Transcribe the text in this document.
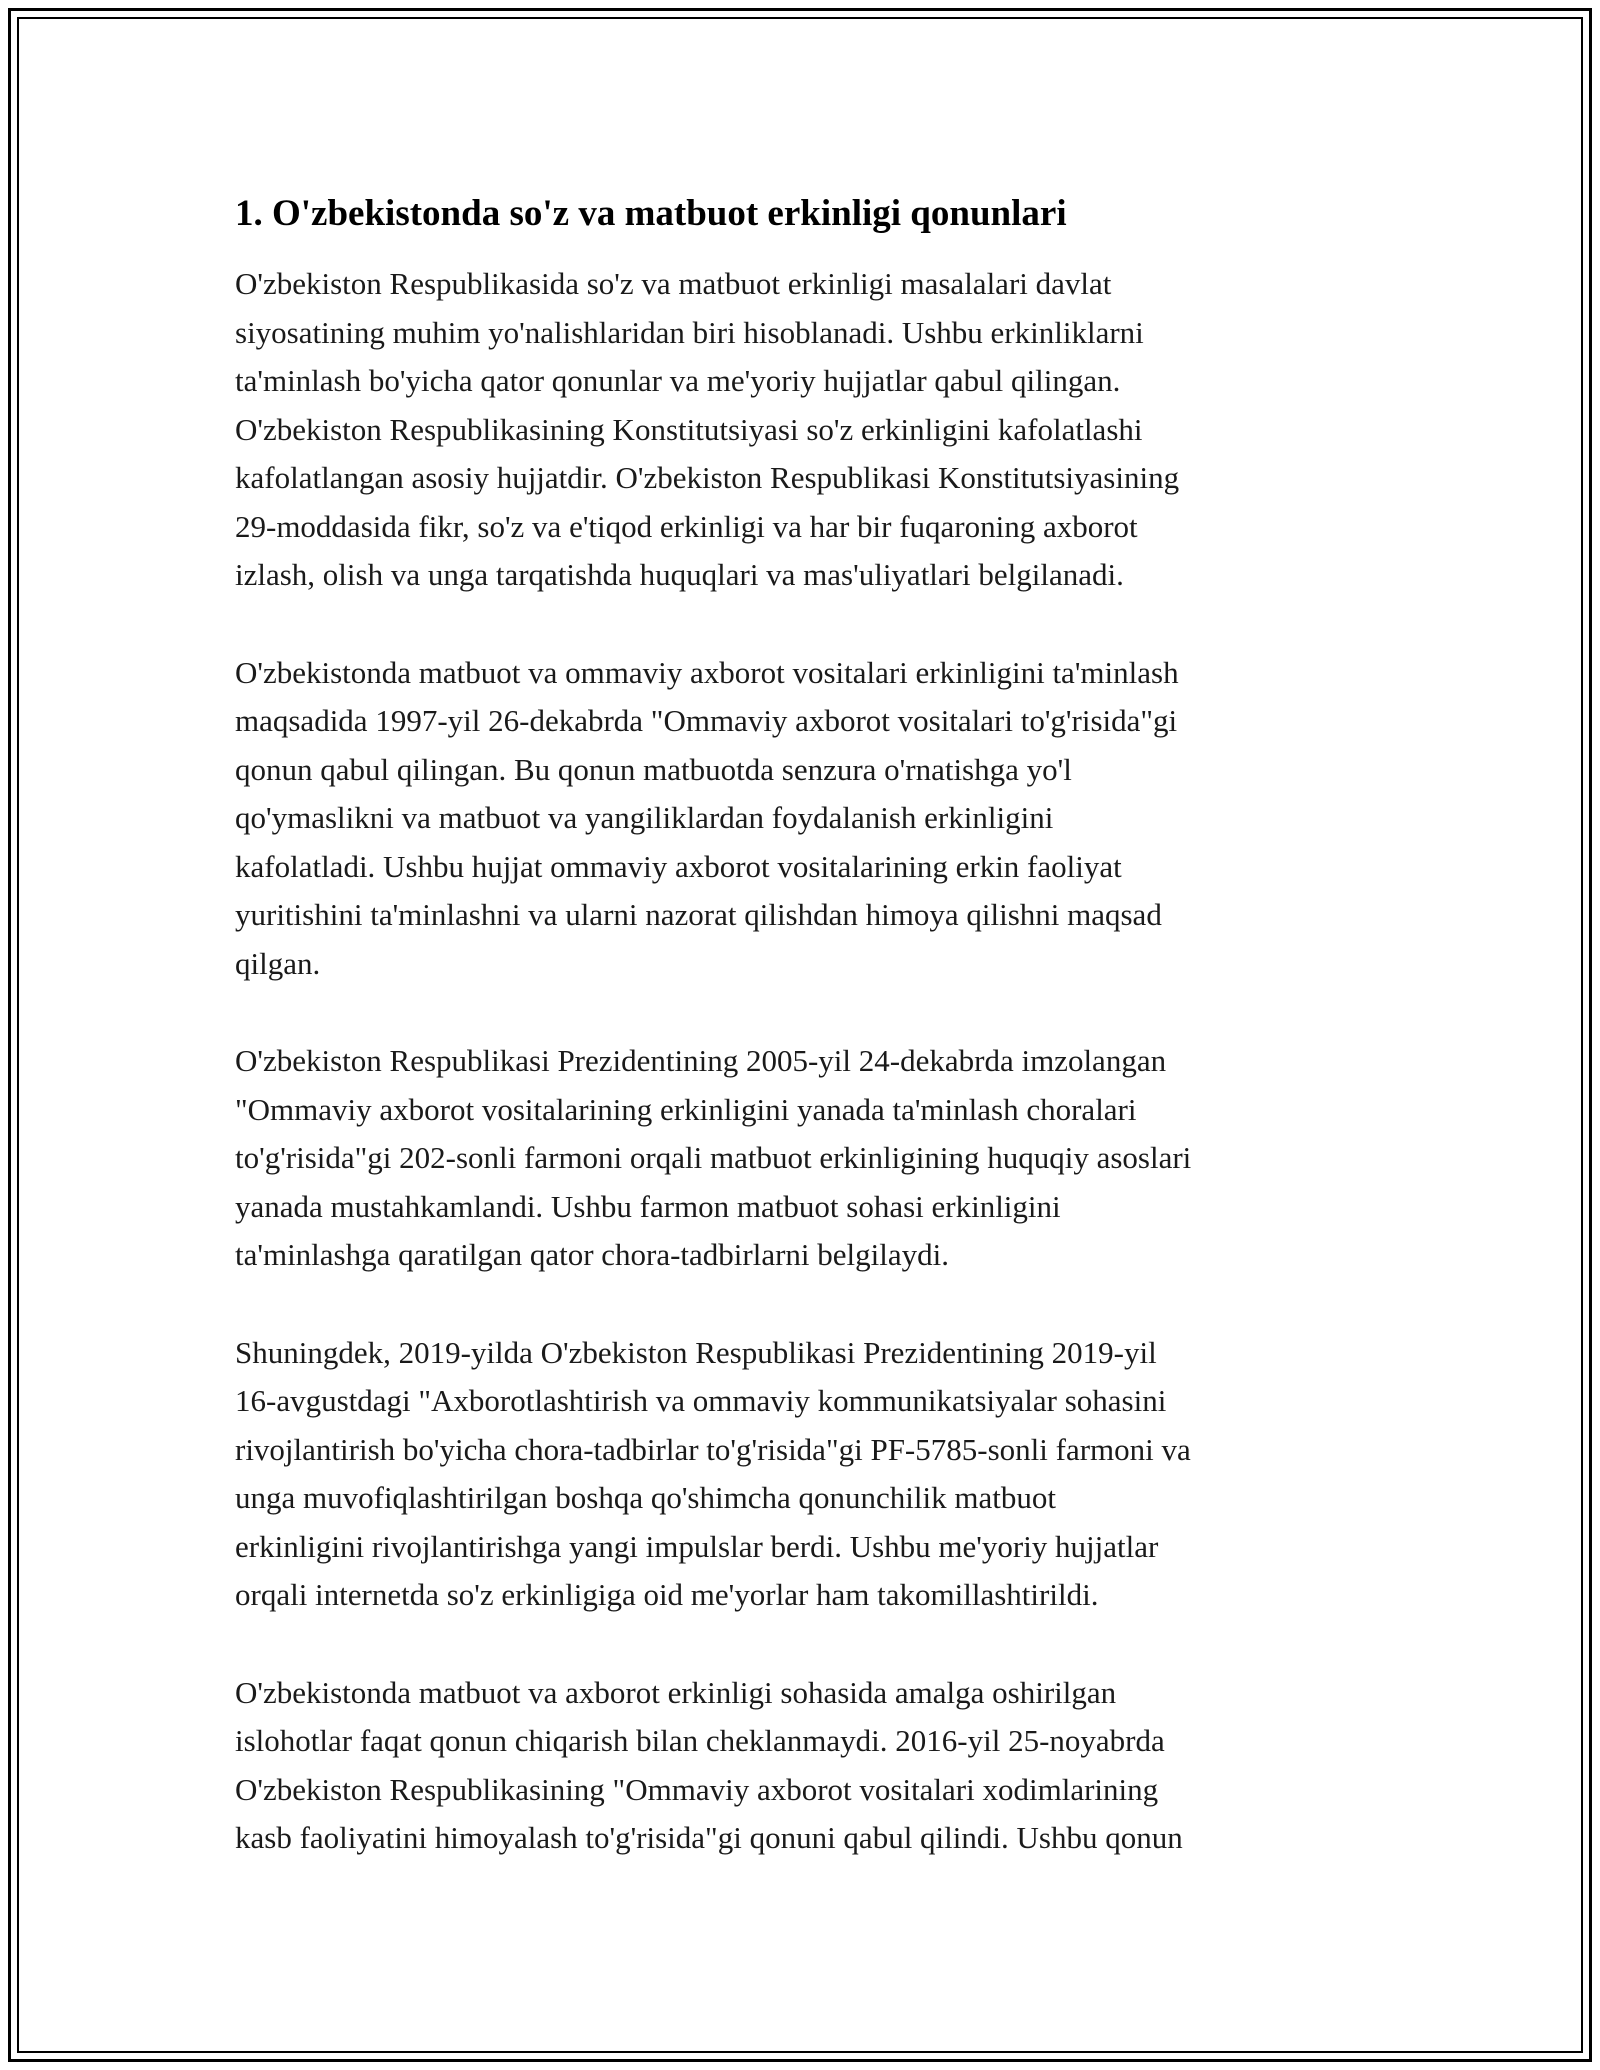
1. O'zbekistonda so'z va matbuot erkinligi qonunlari

O'zbekiston Respublikasida so'z va matbuot erkinligi masalalari davlat
siyosatining muhim yo'nalishlaridan biri hisoblanadi. Ushbu erkinliklarni
ta'minlash bo'yicha qator qonunlar va me'yoriy hujjatlar qabul qilingan.
O'zbekiston Respublikasining Konstitutsiyasi so'z erkinligini kafolatlashi
kafolatlangan asosiy hujjatdir. O'zbekiston Respublikasi Konstitutsiyasining
29-moddasida fikr, so'z va e'tiqod erkinligi va har bir fuqaroning axborot
izlash, olish va unga tarqatishda huquqlari va mas'uliyatlari belgilanadi.

O'zbekistonda matbuot va ommaviy axborot vositalari erkinligini ta'minlash
maqsadida 1997-yil 26-dekabrda "Ommaviy axborot vositalari to'g'risida"gi
qonun qabul qilingan. Bu qonun matbuotda senzura o'rnatishga yo'l
qo'ymaslikni va matbuot va yangiliklardan foydalanish erkinligini
kafolatladi. Ushbu hujjat ommaviy axborot vositalarining erkin faoliyat
yuritishini ta'minlashni va ularni nazorat qilishdan himoya qilishni maqsad
qilgan.

O'zbekiston Respublikasi Prezidentining 2005-yil 24-dekabrda imzolangan
"Ommaviy axborot vositalarining erkinligini yanada ta'minlash choralari
to'g'risida"gi 202-sonli farmoni orqali matbuot erkinligining huquqiy asoslari
yanada mustahkamlandi. Ushbu farmon matbuot sohasi erkinligini
ta'minlashga qaratilgan qator chora-tadbirlarni belgilaydi.

Shuningdek, 2019-yilda O'zbekiston Respublikasi Prezidentining 2019-yil
16-avgustdagi "Axborotlashtirish va ommaviy kommunikatsiyalar sohasini
rivojlantirish bo'yicha chora-tadbirlar to'g'risida"gi PF-5785-sonli farmoni va
unga muvofiqlashtirilgan boshqa qo'shimcha qonunchilik matbuot
erkinligini rivojlantirishga yangi impulslar berdi. Ushbu me'yoriy hujjatlar
orqali internetda so'z erkinligiga oid me'yorlar ham takomillashtirildi.

O'zbekistonda matbuot va axborot erkinligi sohasida amalga oshirilgan
islohotlar faqat qonun chiqarish bilan cheklanmaydi. 2016-yil 25-noyabrda
O'zbekiston Respublikasining "Ommaviy axborot vositalari xodimlarining
kasb faoliyatini himoyalash to'g'risida"gi qonuni qabul qilindi. Ushbu qonun
